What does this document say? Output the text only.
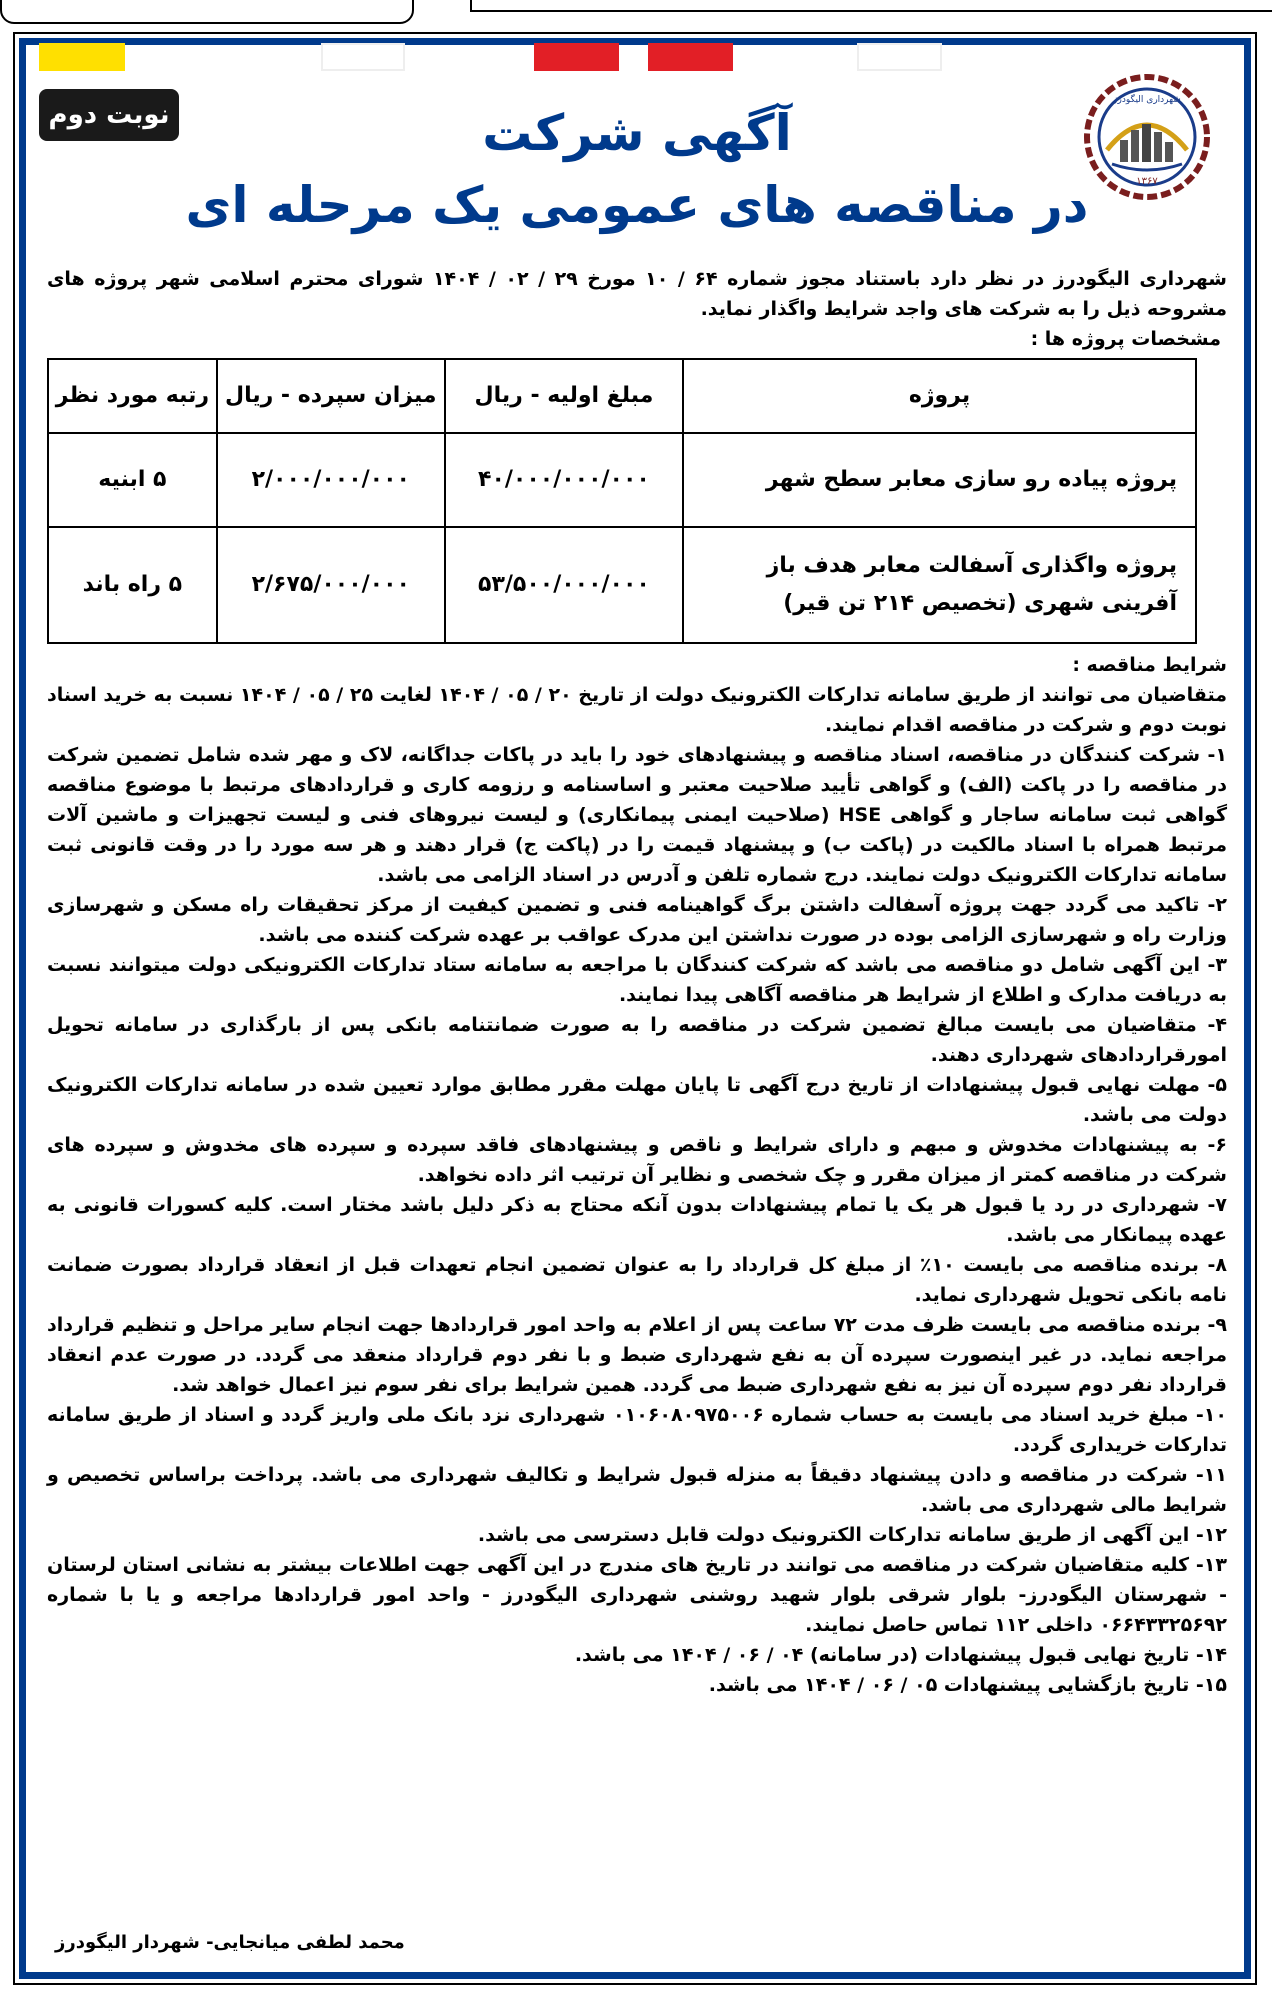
نوبت دوم
۱۳۶۷
شهرداری الیگودرز
آگهی شرکت
در مناقصه های عمومی یک مرحله ای

شهرداری الیگودرز در نظر دارد باستناد مجوز شماره ۶۴ / ۱۰ مورخ ۲۹ / ۰۲ / ۱۴۰۴ شورای محترم اسلامی شهر پروژه های مشروحه ذیل را به شرکت های واجد شرایط واگذار نماید.

مشخصات پروژه ها :

پروژه	مبلغ اولیه - ریال	میزان سپرده - ریال	رتبه مورد نظر
پروژه پیاده رو سازی معابر سطح شهر	۴۰/۰۰۰/۰۰۰/۰۰۰	۲/۰۰۰/۰۰۰/۰۰۰	۵ ابنیه
پروژه واگذاری آسفالت معابر هدف باز آفرینی شهری (تخصیص ۲۱۴ تن قیر)	۵۳/۵۰۰/۰۰۰/۰۰۰	۲/۶۷۵/۰۰۰/۰۰۰	۵ راه باند

شرایط مناقصه :

متقاضیان می توانند از طریق سامانه تدارکات الکترونیک دولت از تاریخ ۲۰ / ۰۵ / ۱۴۰۴ لغایت ۲۵ / ۰۵ / ۱۴۰۴ نسبت به خرید اسناد نوبت دوم و شرکت در مناقصه اقدام نمایند.

۱- شرکت کنندگان در مناقصه، اسناد مناقصه و پیشنهادهای خود را باید در پاکات جداگانه، لاک و مهر شده شامل تضمین شرکت در مناقصه را در پاکت (الف) و گواهی تأیید صلاحیت معتبر و اساسنامه و رزومه کاری و قراردادهای مرتبط با موضوع مناقصه گواهی ثبت سامانه ساجار و گواهی HSE (صلاحیت ایمنی پیمانکاری) و لیست نیروهای فنی و لیست تجهیزات و ماشین آلات مرتبط همراه با اسناد مالکیت در (پاکت ب) و پیشنهاد قیمت را در (پاکت ج) قرار دهند و هر سه مورد را در وقت قانونی ثبت سامانه تدارکات الکترونیک دولت نمایند. درج شماره تلفن و آدرس در اسناد الزامی می باشد.

۲- تاکید می گردد جهت پروژه آسفالت داشتن برگ گواهینامه فنی و تضمین کیفیت از مرکز تحقیقات راه مسکن و شهرسازی وزارت راه و شهرسازی الزامی بوده در صورت نداشتن این مدرک عواقب بر عهده شرکت کننده می باشد.

۳- این آگهی شامل دو مناقصه می باشد که شرکت کنندگان با مراجعه به سامانه ستاد تدارکات الکترونیکی دولت میتوانند نسبت به دریافت مدارک و اطلاع از شرایط هر مناقصه آگاهی پیدا نمایند.

۴- متقاضیان می بایست مبالغ تضمین شرکت در مناقصه را به صورت ضمانتنامه بانکی پس از بارگذاری در سامانه تحویل امورقراردادهای شهرداری دهند.

۵- مهلت نهایی قبول پیشنهادات از تاریخ درج آگهی تا پایان مهلت مقرر مطابق موارد تعیین شده در سامانه تدارکات الکترونیک دولت می باشد.

۶- به پیشنهادات مخدوش و مبهم و دارای شرایط و ناقص و پیشنهادهای فاقد سپرده و سپرده های مخدوش و سپرده های شرکت در مناقصه کمتر از میزان مقرر و چک شخصی و نظایر آن ترتیب اثر داده نخواهد.

۷- شهرداری در رد یا قبول هر یک یا تمام پیشنهادات بدون آنکه محتاج به ذکر دلیل باشد مختار است. کلیه کسورات قانونی به عهده پیمانکار می باشد.

۸- برنده مناقصه می بایست ۱۰٪ از مبلغ کل قرارداد را به عنوان تضمین انجام تعهدات قبل از انعقاد قرارداد بصورت ضمانت نامه بانکی تحویل شهرداری نماید.

۹- برنده مناقصه می بایست ظرف مدت ۷۲ ساعت پس از اعلام به واحد امور قراردادها جهت انجام سایر مراحل و تنظیم قرارداد مراجعه نماید. در غیر اینصورت سپرده آن به نفع شهرداری ضبط و با نفر دوم قرارداد منعقد می گردد. در صورت عدم انعقاد قرارداد نفر دوم سپرده آن نیز به نفع شهرداری ضبط می گردد. همین شرایط برای نفر سوم نیز اعمال خواهد شد.

۱۰- مبلغ خرید اسناد می بایست به حساب شماره ۰۱۰۶۰۸۰۹۷۵۰۰۶ شهرداری نزد بانک ملی واریز گردد و اسناد از طریق سامانه تدارکات خریداری گردد.

۱۱- شرکت در مناقصه و دادن پیشنهاد دقیقاً به منزله قبول شرایط و تکالیف شهرداری می باشد. پرداخت براساس تخصیص و شرایط مالی شهرداری می باشد.

۱۲- این آگهی از طریق سامانه تدارکات الکترونیک دولت قابل دسترسی می باشد.

۱۳- کلیه متقاضیان شرکت در مناقصه می توانند در تاریخ های مندرج در این آگهی جهت اطلاعات بیشتر به نشانی استان لرستان - شهرستان الیگودرز- بلوار شرقی بلوار شهید روشنی شهرداری الیگودرز - واحد امور قراردادها مراجعه و یا با شماره ۰۶۶۴۳۳۲۵۶۹۲ داخلی ۱۱۲ تماس حاصل نمایند.

۱۴- تاریخ نهایی قبول پیشنهادات (در سامانه) ۰۴ / ۰۶ / ۱۴۰۴ می باشد.

۱۵- تاریخ بازگشایی پیشنهادات ۰۵ / ۰۶ / ۱۴۰۴ می باشد.

محمد لطفی میانجایی- شهردار الیگودرز
